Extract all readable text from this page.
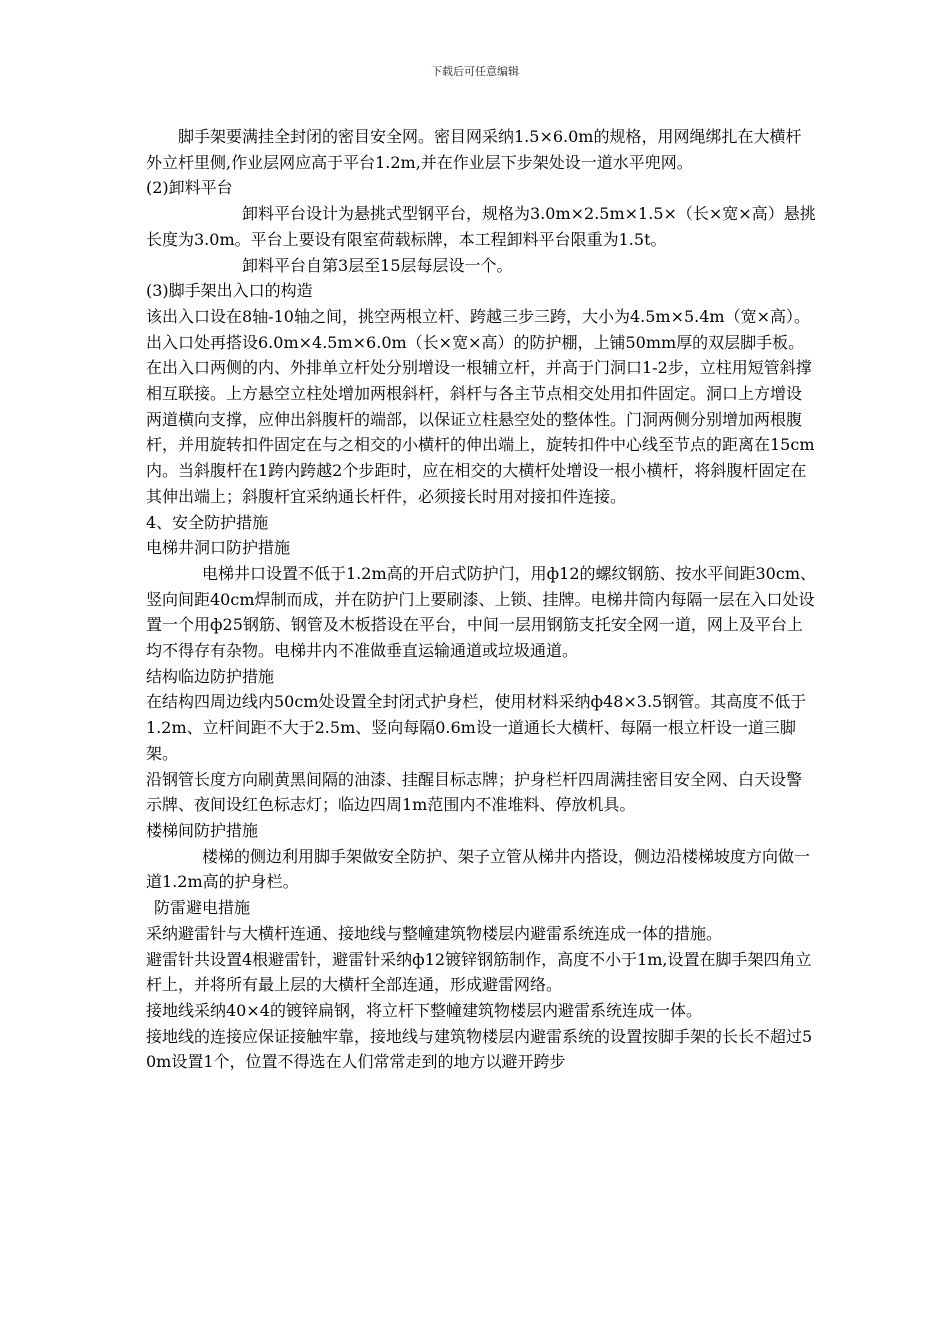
下载后可任意编辑

脚手架要满挂全封闭的密目安全网。密目网采纳1.5×6.0m的规格，用网绳绑扎在大横杆外立杆里侧,作业层网应高于平台1.2m,并在作业层下步架处设一道水平兜网。

(2)卸料平台

卸料平台设计为悬挑式型钢平台，规格为3.0m×2.5m×1.5×（长×宽×高）悬挑长度为3.0m。平台上要设有限室荷载标牌，本工程卸料平台限重为1.5t。

卸料平台自第3层至15层每层设一个。

(3)脚手架出入口的构造

该出入口设在8轴-10轴之间，挑空两根立杆、跨越三步三跨，大小为4.5m×5.4m（宽×高）。出入口处再搭设6.0m×4.5m×6.0m（长×宽×高）的防护棚，上铺50mm厚的双层脚手板。

在出入口两侧的内、外排单立杆处分别增设一根辅立杆，并高于门洞口1-2步，立柱用短管斜撑相互联接。上方悬空立柱处增加两根斜杆，斜杆与各主节点相交处用扣件固定。洞口上方增设两道横向支撑，应伸出斜腹杆的端部，以保证立柱悬空处的整体性。门洞两侧分别增加两根腹杆，并用旋转扣件固定在与之相交的小横杆的伸出端上，旋转扣件中心线至节点的距离在15cm内。当斜腹杆在1跨内跨越2个步距时，应在相交的大横杆处增设一根小横杆，将斜腹杆固定在其伸出端上；斜腹杆宜采纳通长杆件，必须接长时用对接扣件连接。

4、安全防护措施

电梯井洞口防护措施

电梯井口设置不低于1.2m高的开启式防护门，用ф12的螺纹钢筋、按水平间距30cm、竖向间距40cm焊制而成，并在防护门上要刷漆、上锁、挂牌。电梯井筒内每隔一层在入口处设置一个用ф25钢筋、钢管及木板搭设在平台，中间一层用钢筋支托安全网一道，网上及平台上均不得存有杂物。电梯井内不准做垂直运输通道或垃圾通道。

结构临边防护措施

在结构四周边线内50cm处设置全封闭式护身栏，使用材料采纳ф48×3.5钢管。其高度不低于1.2m、立杆间距不大于2.5m、竖向每隔0.6m设一道通长大横杆、每隔一根立杆设一道三脚架。

沿钢管长度方向刷黄黑间隔的油漆、挂醒目标志牌；护身栏杆四周满挂密目安全网、白天设警示牌、夜间设红色标志灯；临边四周1m范围内不准堆料、停放机具。

楼梯间防护措施

楼梯的侧边利用脚手架做安全防护、架子立管从梯井内搭设，侧边沿楼梯坡度方向做一道1.2m高的护身栏。

防雷避电措施

采纳避雷针与大横杆连通、接地线与整幢建筑物楼层内避雷系统连成一体的措施。

避雷针共设置4根避雷针，避雷针采纳ф12镀锌钢筋制作，高度不小于1m,设置在脚手架四角立杆上，并将所有最上层的大横杆全部连通，形成避雷网络。

接地线采纳40×4的镀锌扁钢，将立杆下整幢建筑物楼层内避雷系统连成一体。

接地线的连接应保证接触牢靠，接地线与建筑物楼层内避雷系统的设置按脚手架的长长不超过50m设置1个，位置不得选在人们常常走到的地方以避开跨步
